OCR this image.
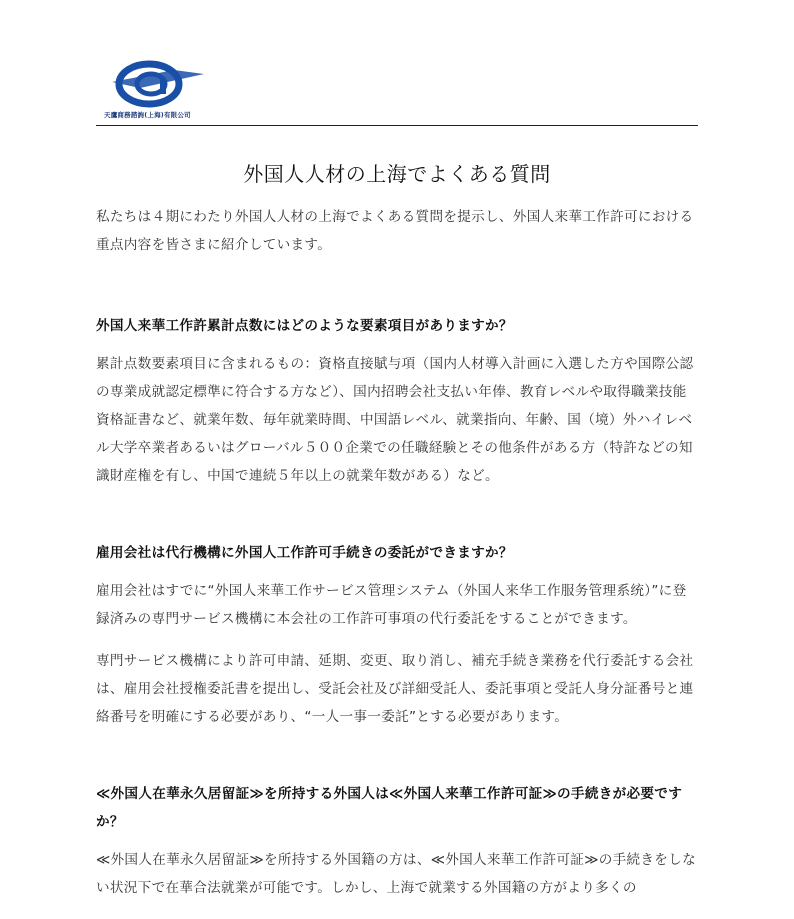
天鷹商務諮詢(上海)有限公司
外国人人材の上海でよくある質問

私たちは４期にわたり外国人人材の上海でよくある質問を提示し、外国人来華工作許可における重点内容を皆さまに紹介しています。

外国人来華工作許累計点数にはどのような要素項目がありますか？

累計点数要素項目に含まれるもの：資格直接賦与項（国内人材導入計画に入選した方や国際公認の専業成就認定標準に符合する方など）、国内招聘会社支払い年俸、教育レベルや取得職業技能資格証書など、就業年数、毎年就業時間、中国語レベル、就業指向、年齢、国（境）外ハイレベル大学卒業者あるいはグローバル５００企業での任職経験とその他条件がある方（特許などの知識財産権を有し、中国で連続５年以上の就業年数がある）など。

雇用会社は代行機構に外国人工作許可手続きの委託ができますか？

雇用会社はすでに“外国人来華工作サービス管理システム（外国人来华工作服务管理系统）”に登録済みの専門サービス機構に本会社の工作許可事項の代行委託をすることができます。

専門サービス機構により許可申請、延期、変更、取り消し、補充手続き業務を代行委託する会社は、雇用会社授権委託書を提出し、受託会社及び詳細受託人、委託事項と受託人身分証番号と連絡番号を明確にする必要があり、“一人一事一委託”とする必要があります。

≪外国人在華永久居留証≫を所持する外国人は≪外国人来華工作許可証≫の手続きが必要ですか？

≪外国人在華永久居留証≫を所持する外国籍の方は、≪外国人来華工作許可証≫の手続きをしない状況下で在華合法就業が可能です。しかし、上海で就業する外国籍の方がより多くの
